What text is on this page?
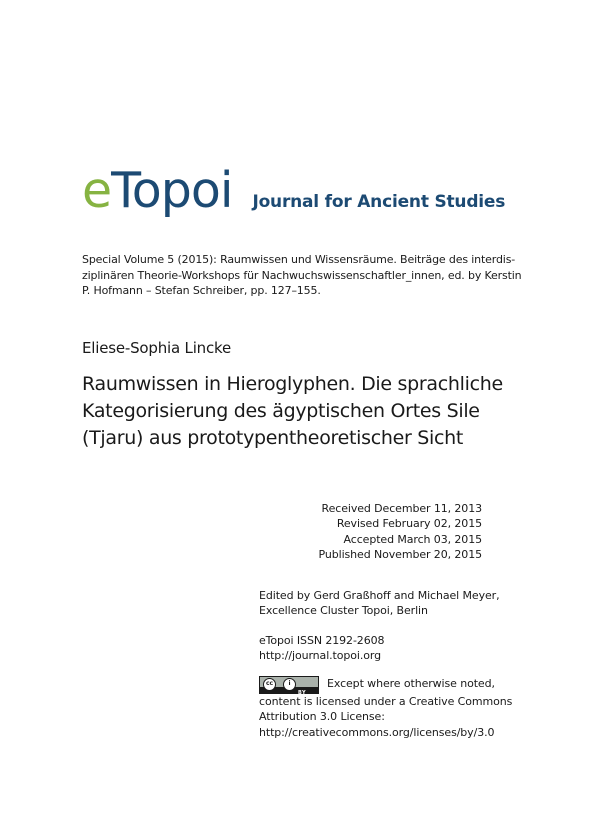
eTopoi Journal for Ancient Studies
Special Volume 5 (2015): Raumwissen und Wissensräume. Beiträge des interdis-
ziplinären Theorie-Workshops für Nachwuchswissenschaftler_innen, ed. by Kerstin
P. Hofmann – Stefan Schreiber, pp. 127–155.
Eliese-Sophia Lincke
Raumwissen in Hieroglyphen. Die sprachliche
Kategorisierung des ägyptischen Ortes Sile
(Tjaru) aus prototypentheoretischer Sicht
Received December 11, 2013
Revised February 02, 2015
Accepted March 03, 2015
Published November 20, 2015
Edited by Gerd Graßhoff and Michael Meyer,
Excellence Cluster Topoi, Berlin
eTopoi ISSN 2192-2608
http://journal.topoi.org
cc	i
BY
Except where otherwise noted,
content is licensed under a Creative Commons
Attribution 3.0 License:
http://creativecommons.org/licenses/by/3.0
